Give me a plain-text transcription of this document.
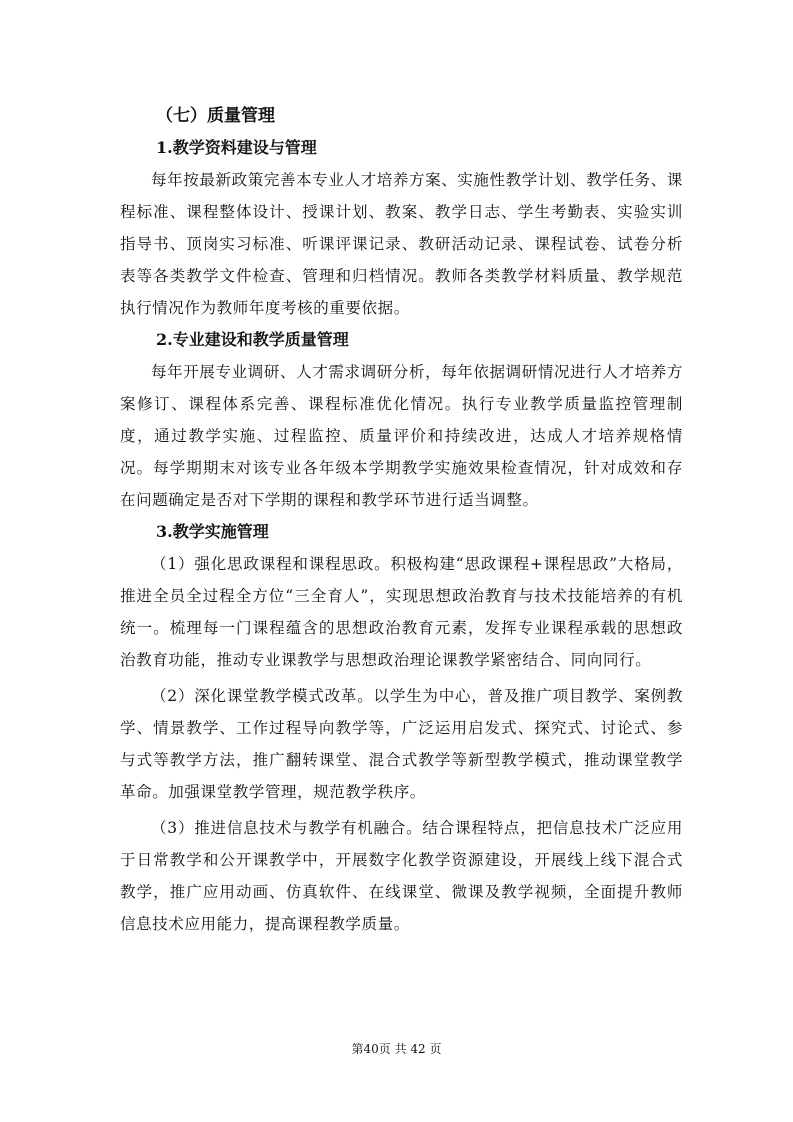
（七）质量管理

1.教学资料建设与管理

每年按最新政策完善本专业人才培养方案、实施性教学计划、教学任务、课程标准、课程整体设计、授课计划、教案、教学日志、学生考勤表、实验实训指导书、顶岗实习标准、听课评课记录、教研活动记录、课程试卷、试卷分析表等各类教学文件检查、管理和归档情况。教师各类教学材料质量、教学规范执行情况作为教师年度考核的重要依据。

2.专业建设和教学质量管理

每年开展专业调研、人才需求调研分析，每年依据调研情况进行人才培养方案修订、课程体系完善、课程标准优化情况。执行专业教学质量监控管理制度，通过教学实施、过程监控、质量评价和持续改进，达成人才培养规格情况。每学期期末对该专业各年级本学期教学实施效果检查情况，针对成效和存在问题确定是否对下学期的课程和教学环节进行适当调整。

3.教学实施管理

（1）强化思政课程和课程思政。积极构建“思政课程+课程思政”大格局，推进全员全过程全方位“三全育人”，实现思想政治教育与技术技能培养的有机统一。梳理每一门课程蕴含的思想政治教育元素，发挥专业课程承载的思想政治教育功能，推动专业课教学与思想政治理论课教学紧密结合、同向同行。

（2）深化课堂教学模式改革。以学生为中心，普及推广项目教学、案例教学、情景教学、工作过程导向教学等，广泛运用启发式、探究式、讨论式、参与式等教学方法，推广翻转课堂、混合式教学等新型教学模式，推动课堂教学革命。加强课堂教学管理，规范教学秩序。

（3）推进信息技术与教学有机融合。结合课程特点，把信息技术广泛应用于日常教学和公开课教学中，开展数字化教学资源建设，开展线上线下混合式教学，推广应用动画、仿真软件、在线课堂、微课及教学视频，全面提升教师信息技术应用能力，提高课程教学质量。

第40页 共 42 页
